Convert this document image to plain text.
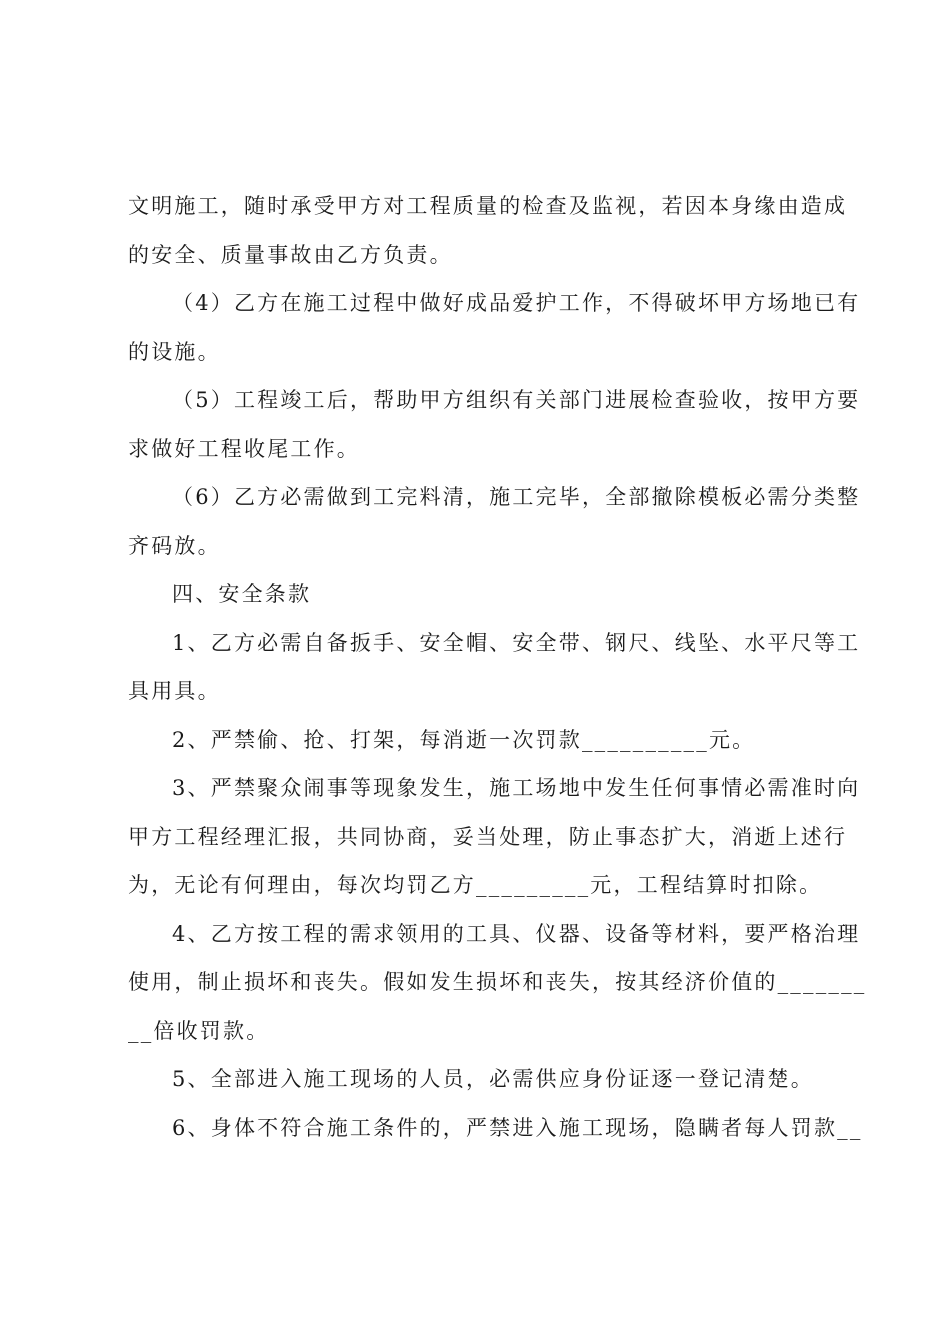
文明施工，随时承受甲方对工程质量的检查及监视，若因本身缘由造成
的安全、质量事故由乙方负责。
（4）乙方在施工过程中做好成品爱护工作，不得破坏甲方场地已有
的设施。
（5）工程竣工后，帮助甲方组织有关部门进展检查验收，按甲方要
求做好工程收尾工作。
（6）乙方必需做到工完料清，施工完毕，全部撤除模板必需分类整
齐码放。
四、安全条款
1、乙方必需自备扳手、安全帽、安全带、钢尺、线坠、水平尺等工
具用具。
2、严禁偷、抢、打架，每消逝一次罚款__________元。
3、严禁聚众闹事等现象发生，施工场地中发生任何事情必需准时向
甲方工程经理汇报，共同协商，妥当处理，防止事态扩大，消逝上述行
为，无论有何理由，每次均罚乙方_________元，工程结算时扣除。
4、乙方按工程的需求领用的工具、仪器、设备等材料，要严格治理
使用，制止损坏和丧失。假如发生损坏和丧失，按其经济价值的_______
__倍收罚款。
5、全部进入施工现场的人员，必需供应身份证逐一登记清楚。
6、身体不符合施工条件的，严禁进入施工现场，隐瞒者每人罚款__
